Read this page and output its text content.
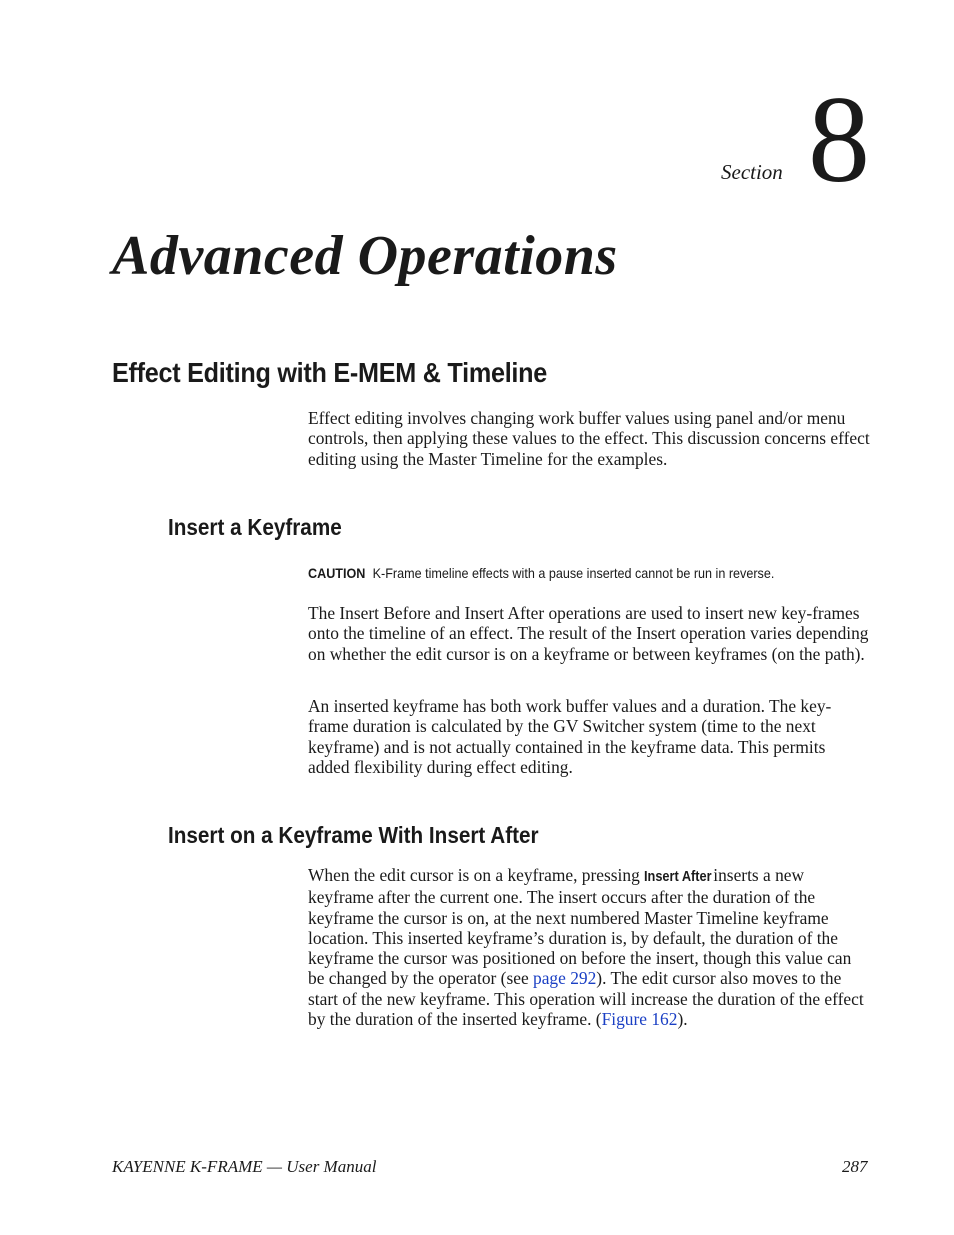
Section 8
Advanced Operations
Effect Editing with E-MEM & Timeline

Effect editing involves changing work buffer values using panel and/or menu controls, then applying these values to the effect. This discussion concerns effect editing using the Master Timeline for the examples.

Insert a Keyframe
CAUTION K-Frame timeline effects with a pause inserted cannot be run in reverse.

The Insert Before and Insert After operations are used to insert new key-frames onto the timeline of an effect. The result of the Insert operation varies depending on whether the edit cursor is on a keyframe or between keyframes (on the path).

An inserted keyframe has both work buffer values and a duration. The key-frame duration is calculated by the GV Switcher system (time to the next keyframe) and is not actually contained in the keyframe data. This permits added flexibility during effect editing.

Insert on a Keyframe With Insert After

When the edit cursor is on a keyframe, pressing Insert After inserts a new keyframe after the current one. The insert occurs after the duration of the keyframe the cursor is on, at the next numbered Master Timeline keyframe location. This inserted keyframe’s duration is, by default, the duration of the keyframe the cursor was positioned on before the insert, though this value can be changed by the operator (see page 292). The edit cursor also moves to the start of the new keyframe. This operation will increase the duration of the effect by the duration of the inserted keyframe. (Figure 162).

KAYENNE K-FRAME — User Manual	287
